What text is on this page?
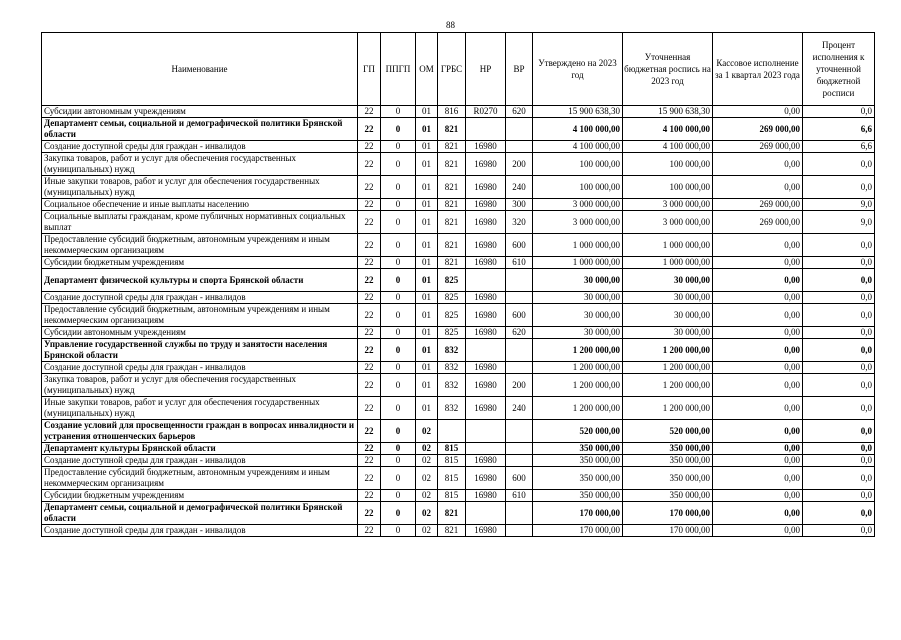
88
Наименование	ГП	ППГП	ОМ	ГРБС	НР	ВР	Утверждено на 2023 год	Уточненная бюджетная роспись на 2023 год	Кассовое исполнение за 1 квартал 2023 года	Процент исполнения к уточненной бюджетной росписи
Субсидии автономным учреждениям	22	0	01	816	R0270	620	15 900 638,30	15 900 638,30	0,00	0,0
Департамент семьи, социальной и демографической политики Брянской области	22	0	01	821			4 100 000,00	4 100 000,00	269 000,00	6,6
Создание доступной среды для граждан - инвалидов	22	0	01	821	16980		4 100 000,00	4 100 000,00	269 000,00	6,6
Закупка товаров, работ и услуг для обеспечения государственных (муниципальных) нужд	22	0	01	821	16980	200	100 000,00	100 000,00	0,00	0,0
Иные закупки товаров, работ и услуг для обеспечения государственных (муниципальных) нужд	22	0	01	821	16980	240	100 000,00	100 000,00	0,00	0,0
Социальное обеспечение и иные выплаты населению	22	0	01	821	16980	300	3 000 000,00	3 000 000,00	269 000,00	9,0
Социальные выплаты гражданам, кроме публичных нормативных социальных выплат	22	0	01	821	16980	320	3 000 000,00	3 000 000,00	269 000,00	9,0
Предоставление субсидий бюджетным, автономным учреждениям и иным некоммерческим организациям	22	0	01	821	16980	600	1 000 000,00	1 000 000,00	0,00	0,0
Субсидии бюджетным учреждениям	22	0	01	821	16980	610	1 000 000,00	1 000 000,00	0,00	0,0
Департамент физической культуры и спорта Брянской области	22	0	01	825			30 000,00	30 000,00	0,00	0,0
Создание доступной среды для граждан - инвалидов	22	0	01	825	16980		30 000,00	30 000,00	0,00	0,0
Предоставление субсидий бюджетным, автономным учреждениям и иным некоммерческим организациям	22	0	01	825	16980	600	30 000,00	30 000,00	0,00	0,0
Субсидии автономным учреждениям	22	0	01	825	16980	620	30 000,00	30 000,00	0,00	0,0
Управление государственной службы по труду и занятости населения Брянской области	22	0	01	832			1 200 000,00	1 200 000,00	0,00	0,0
Создание доступной среды для граждан - инвалидов	22	0	01	832	16980		1 200 000,00	1 200 000,00	0,00	0,0
Закупка товаров, работ и услуг для обеспечения государственных (муниципальных) нужд	22	0	01	832	16980	200	1 200 000,00	1 200 000,00	0,00	0,0
Иные закупки товаров, работ и услуг для обеспечения государственных (муниципальных) нужд	22	0	01	832	16980	240	1 200 000,00	1 200 000,00	0,00	0,0
Создание условий для просвещенности граждан в вопросах инвалидности и устранения отношенческих барьеров	22	0	02				520 000,00	520 000,00	0,00	0,0
Департамент культуры Брянской области	22	0	02	815			350 000,00	350 000,00	0,00	0,0
Создание доступной среды для граждан - инвалидов	22	0	02	815	16980		350 000,00	350 000,00	0,00	0,0
Предоставление субсидий бюджетным, автономным учреждениям и иным некоммерческим организациям	22	0	02	815	16980	600	350 000,00	350 000,00	0,00	0,0
Субсидии бюджетным учреждениям	22	0	02	815	16980	610	350 000,00	350 000,00	0,00	0,0
Департамент семьи, социальной и демографической политики Брянской области	22	0	02	821			170 000,00	170 000,00	0,00	0,0
Создание доступной среды для граждан - инвалидов	22	0	02	821	16980		170 000,00	170 000,00	0,00	0,0
